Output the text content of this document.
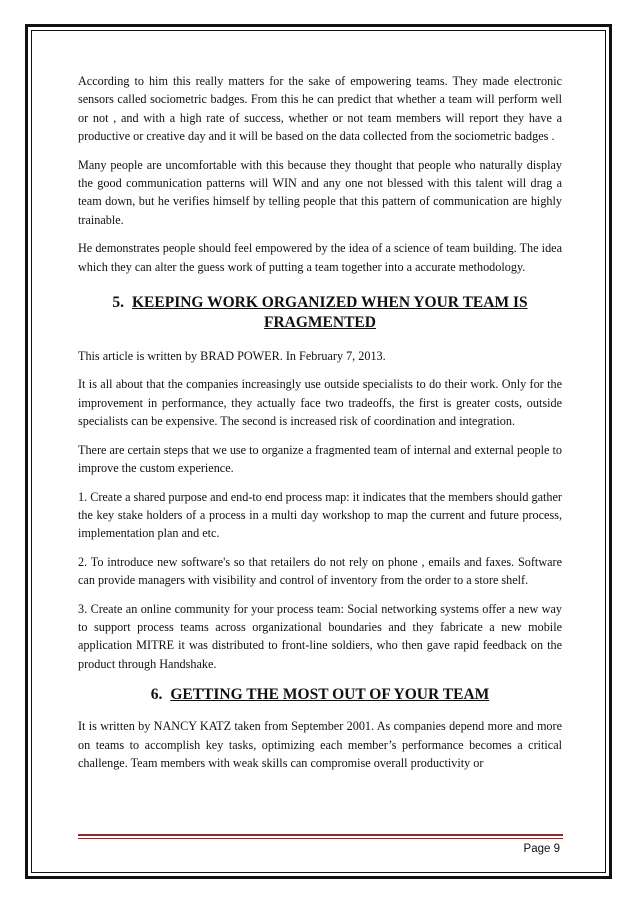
According to him this really matters for the sake of empowering teams. They made electronic sensors called sociometric badges. From this he can predict that whether a team will perform well or not , and with a high rate of success, whether or not team members will report they have a productive or creative day and it will be based on the data collected from the sociometric badges .

Many people are uncomfortable with this because they thought that people who naturally display the good communication patterns will WIN and any one not blessed with this talent will drag a team down, but he verifies himself by telling people that this pattern of communication are highly trainable.

He demonstrates people should feel empowered by the idea of a science of team building. The idea which they can alter the guess work of putting a team together into a accurate methodology.

5. KEEPING WORK ORGANIZED WHEN YOUR TEAM IS FRAGMENTED

This article is written by BRAD POWER. In February 7, 2013.

It is all about that the companies increasingly use outside specialists to do their work. Only for the improvement in performance, they actually face two tradeoffs, the first is greater costs, outside specialists can be expensive. The second is increased risk of coordination and integration.

There are certain steps that we use to organize a fragmented team of internal and external people to improve the custom experience.

1. Create a shared purpose and end-to end process map: it indicates that the members should gather the key stake holders of a process in a multi day workshop to map the current and future process, implementation plan and etc.

2. To introduce new software's so that retailers do not rely on phone , emails and faxes. Software can provide managers with visibility and control of inventory from the order to a store shelf.

3. Create an online community for your process team: Social networking systems offer a new way to support process teams across organizational boundaries and they fabricate a new mobile application MITRE it was distributed to front-line soldiers, who then gave rapid feedback on the product through Handshake.

6. GETTING THE MOST OUT OF YOUR TEAM

It is written by NANCY KATZ taken from September 2001. As companies depend more and more on teams to accomplish key tasks, optimizing each member’s performance becomes a critical challenge. Team members with weak skills can compromise overall productivity or

Page 9
